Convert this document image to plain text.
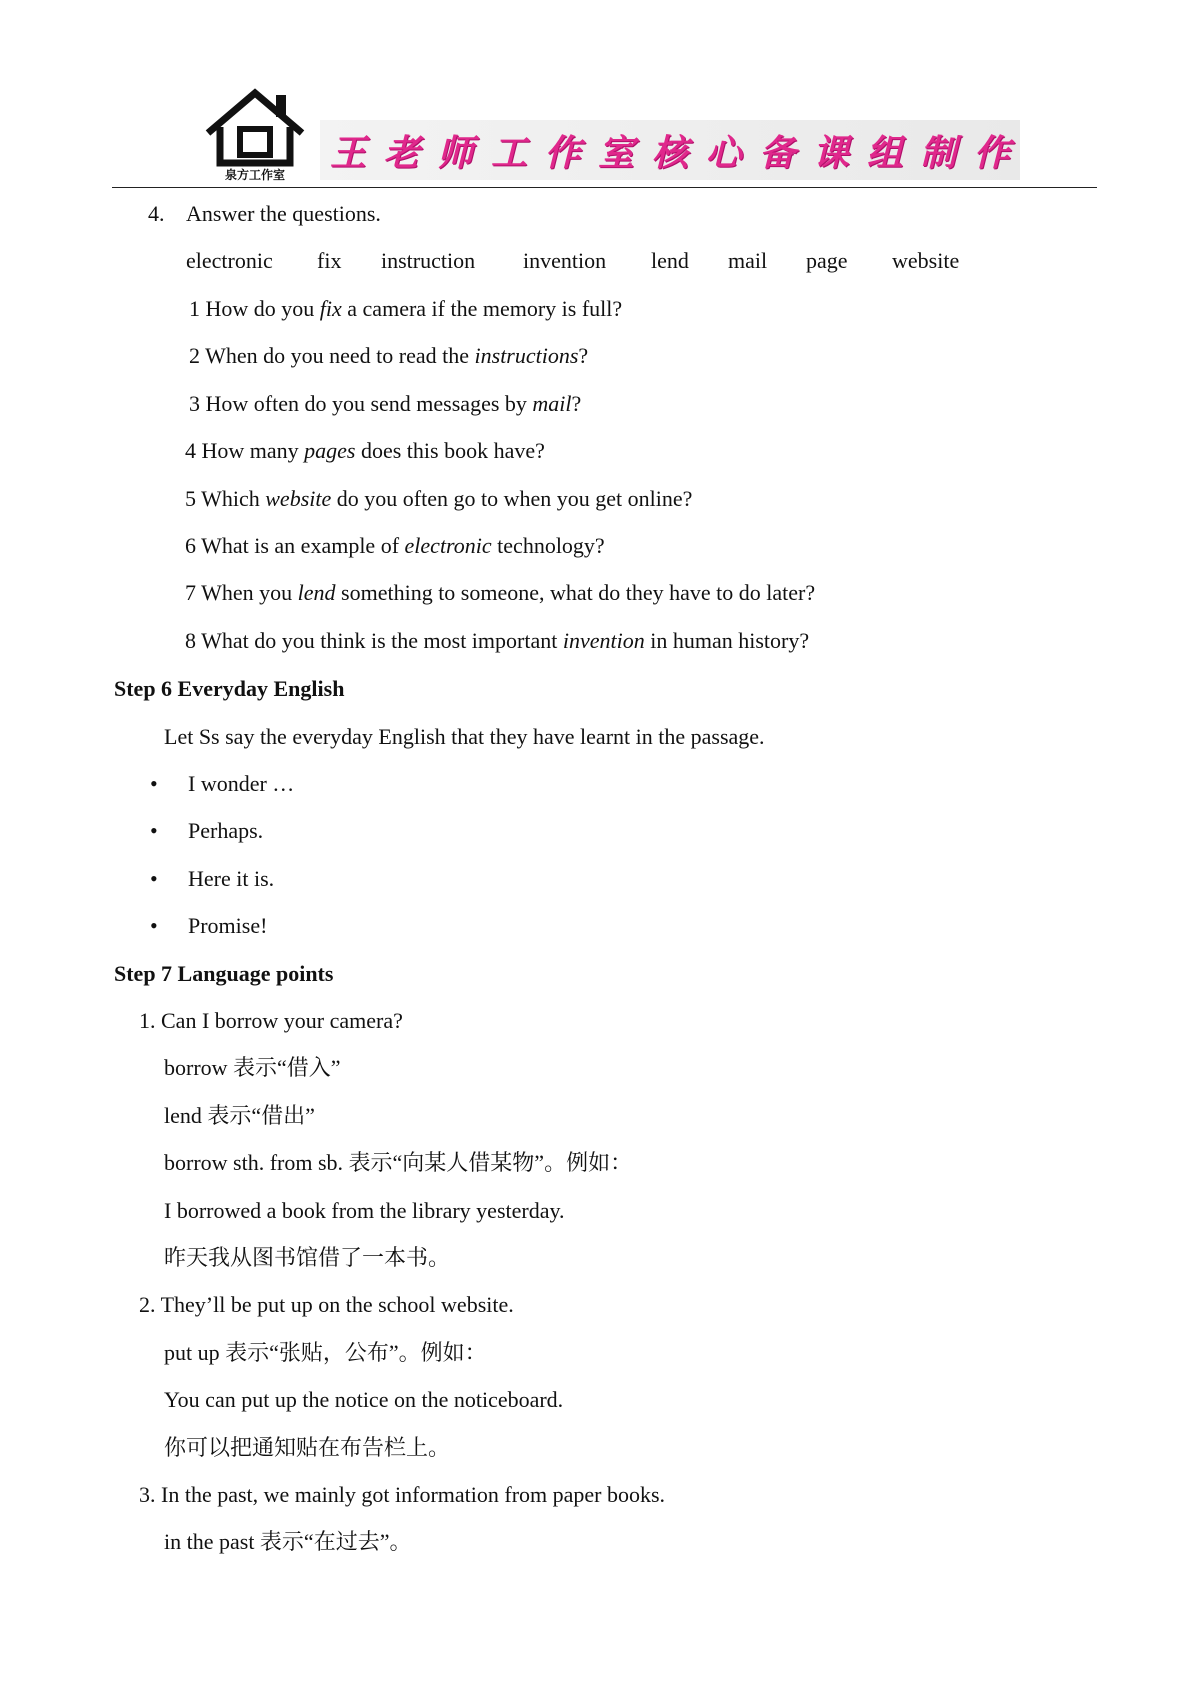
泉方工作室
王 老 师 工 作 室 核 心 备 课 组 制 作
4. Answer the questions.
electronic fix instruction invention lend mail page website
1 How do you fix a camera if the memory is full?
2 When do you need to read the instructions?
3 How often do you send messages by mail?
4 How many pages does this book have?
5 Which website do you often go to when you get online?
6 What is an example of electronic technology?
7 When you lend something to someone, what do they have to do later?
8 What do you think is the most important invention in human history?
Step 6 Everyday English
Let Ss say the everyday English that they have learnt in the passage.
• I wonder …
• Perhaps.
• Here it is.
• Promise!
Step 7 Language points
1. Can I borrow your camera?
borrow 表示“借入”
lend 表示“借出”
borrow sth. from sb. 表示“向某人借某物”。例如：
I borrowed a book from the library yesterday.
昨天我从图书馆借了一本书。
2. They’ll be put up on the school website.
put up 表示“张贴，公布”。例如：
You can put up the notice on the noticeboard.
你可以把通知贴在布告栏上。
3. In the past, we mainly got information from paper books.
in the past 表示“在过去”。
